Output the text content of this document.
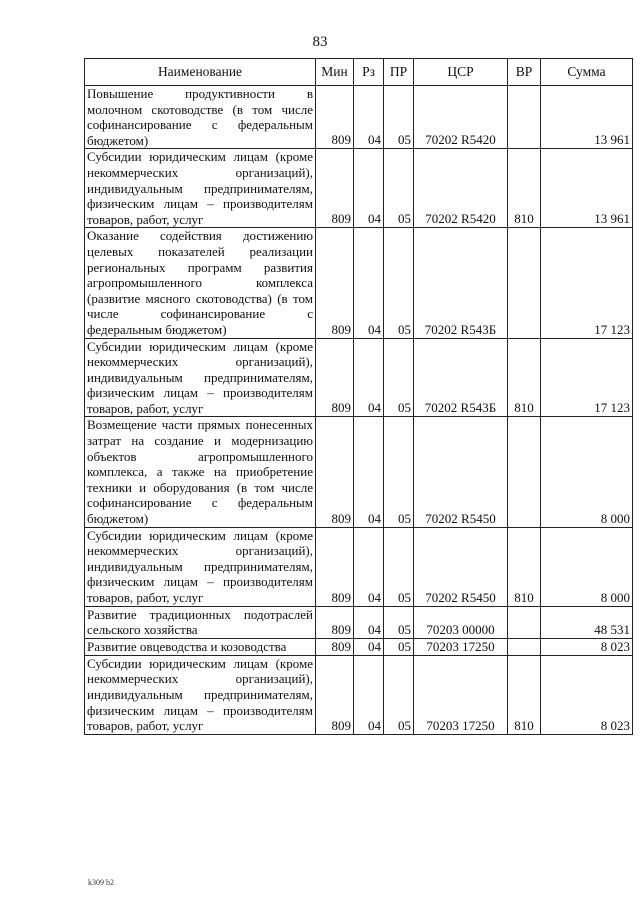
83
Наименование	Мин	Рз	ПР	ЦСР	ВР	Сумма
Повышение продуктивности в молочном скотоводстве (в том числе софинансирование с федеральным бюджетом)	809	04	05	70202 R5420		13 961
Субсидии юридическим лицам (кроме некоммерческих организаций), индивидуальным предпринимателям, физическим лицам – производителям товаров, работ, услуг	809	04	05	70202 R5420	810	13 961
Оказание содействия достижению целевых показателей реализации региональных программ развития агропромышленного комплекса (развитие мясного скотоводства) (в том числе софинансирование с федеральным бюджетом)	809	04	05	70202 R543Б		17 123
Субсидии юридическим лицам (кроме некоммерческих организаций), индивидуальным предпринимателям, физическим лицам – производителям товаров, работ, услуг	809	04	05	70202 R543Б	810	17 123
Возмещение части прямых понесенных затрат на создание и модернизацию объектов агропромышленного комплекса, а также на приобретение техники и оборудования (в том числе софинансирование с федеральным бюджетом)	809	04	05	70202 R5450		8 000
Субсидии юридическим лицам (кроме некоммерческих организаций), индивидуальным предпринимателям, физическим лицам – производителям товаров, работ, услуг	809	04	05	70202 R5450	810	8 000
Развитие традиционных подотраслей сельского хозяйства	809	04	05	70203 00000		48 531
Развитие овцеводства и козоводства	809	04	05	70203 17250		8 023
Субсидии юридическим лицам (кроме некоммерческих организаций), индивидуальным предпринимателям, физическим лицам – производителям товаров, работ, услуг	809	04	05	70203 17250	810	8 023
k309 b2
